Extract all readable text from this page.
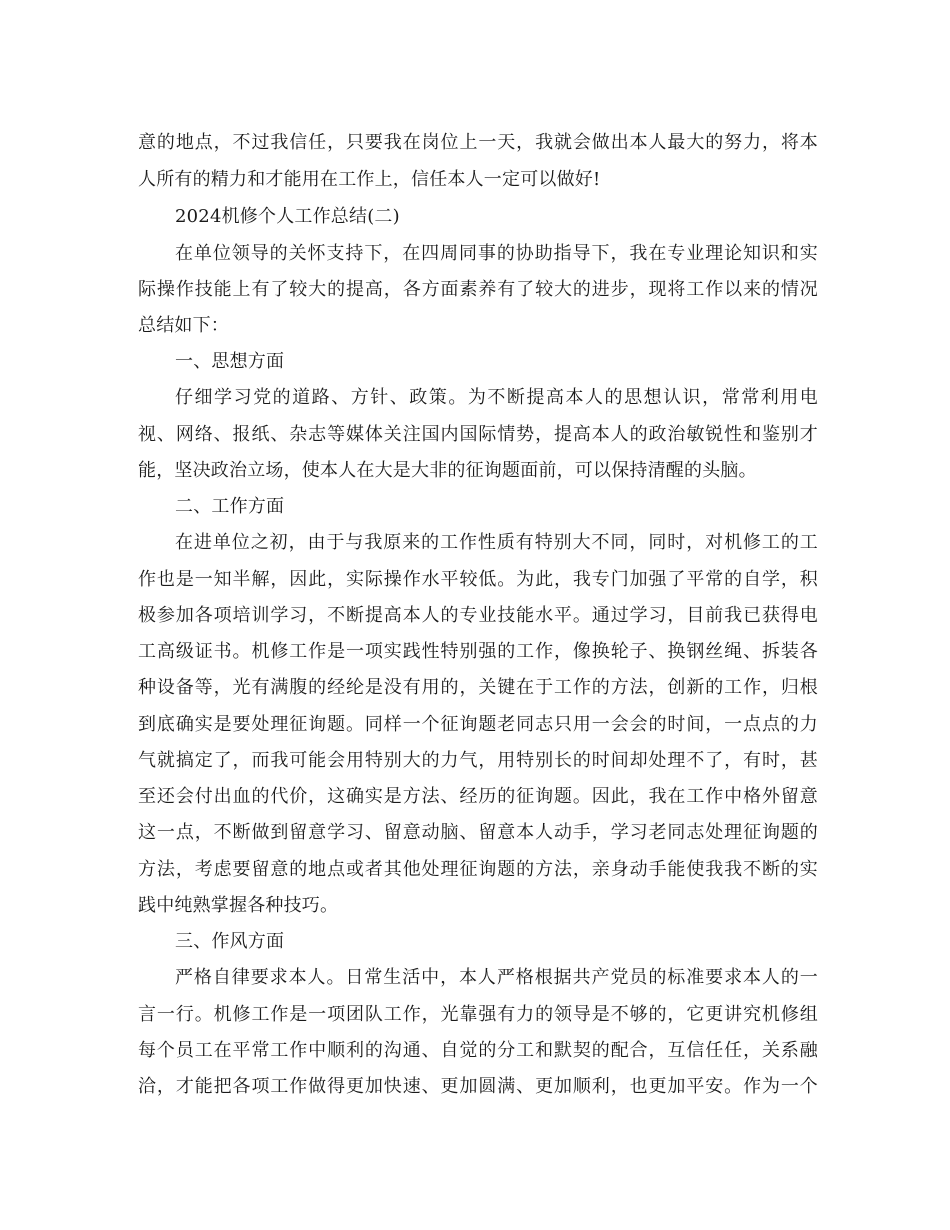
意的地点，不过我信任，只要我在岗位上一天，我就会做出本人最大的努力，将本
人所有的精力和才能用在工作上，信任本人一定可以做好!
2024机修个人工作总结(二)
在单位领导的关怀支持下，在四周同事的协助指导下，我在专业理论知识和实
际操作技能上有了较大的提高，各方面素养有了较大的进步，现将工作以来的情况
总结如下：
一、思想方面
仔细学习党的道路、方针、政策。为不断提高本人的思想认识，常常利用电
视、网络、报纸、杂志等媒体关注国内国际情势，提高本人的政治敏锐性和鉴别才
能，坚决政治立场，使本人在大是大非的征询题面前，可以保持清醒的头脑。
二、工作方面
在进单位之初，由于与我原来的工作性质有特别大不同，同时，对机修工的工
作也是一知半解，因此，实际操作水平较低。为此，我专门加强了平常的自学，积
极参加各项培训学习，不断提高本人的专业技能水平。通过学习，目前我已获得电
工高级证书。机修工作是一项实践性特别强的工作，像换轮子、换钢丝绳、拆装各
种设备等，光有满腹的经纶是没有用的，关键在于工作的方法，创新的工作，归根
到底确实是要处理征询题。同样一个征询题老同志只用一会会的时间，一点点的力
气就搞定了，而我可能会用特别大的力气，用特别长的时间却处理不了，有时，甚
至还会付出血的代价，这确实是方法、经历的征询题。因此，我在工作中格外留意
这一点，不断做到留意学习、留意动脑、留意本人动手，学习老同志处理征询题的
方法，考虑要留意的地点或者其他处理征询题的方法，亲身动手能使我我不断的实
践中纯熟掌握各种技巧。
三、作风方面
严格自律要求本人。日常生活中，本人严格根据共产党员的标准要求本人的一
言一行。机修工作是一项团队工作，光靠强有力的领导是不够的，它更讲究机修组
每个员工在平常工作中顺利的沟通、自觉的分工和默契的配合，互信任任，关系融
洽，才能把各项工作做得更加快速、更加圆满、更加顺利，也更加平安。作为一个
